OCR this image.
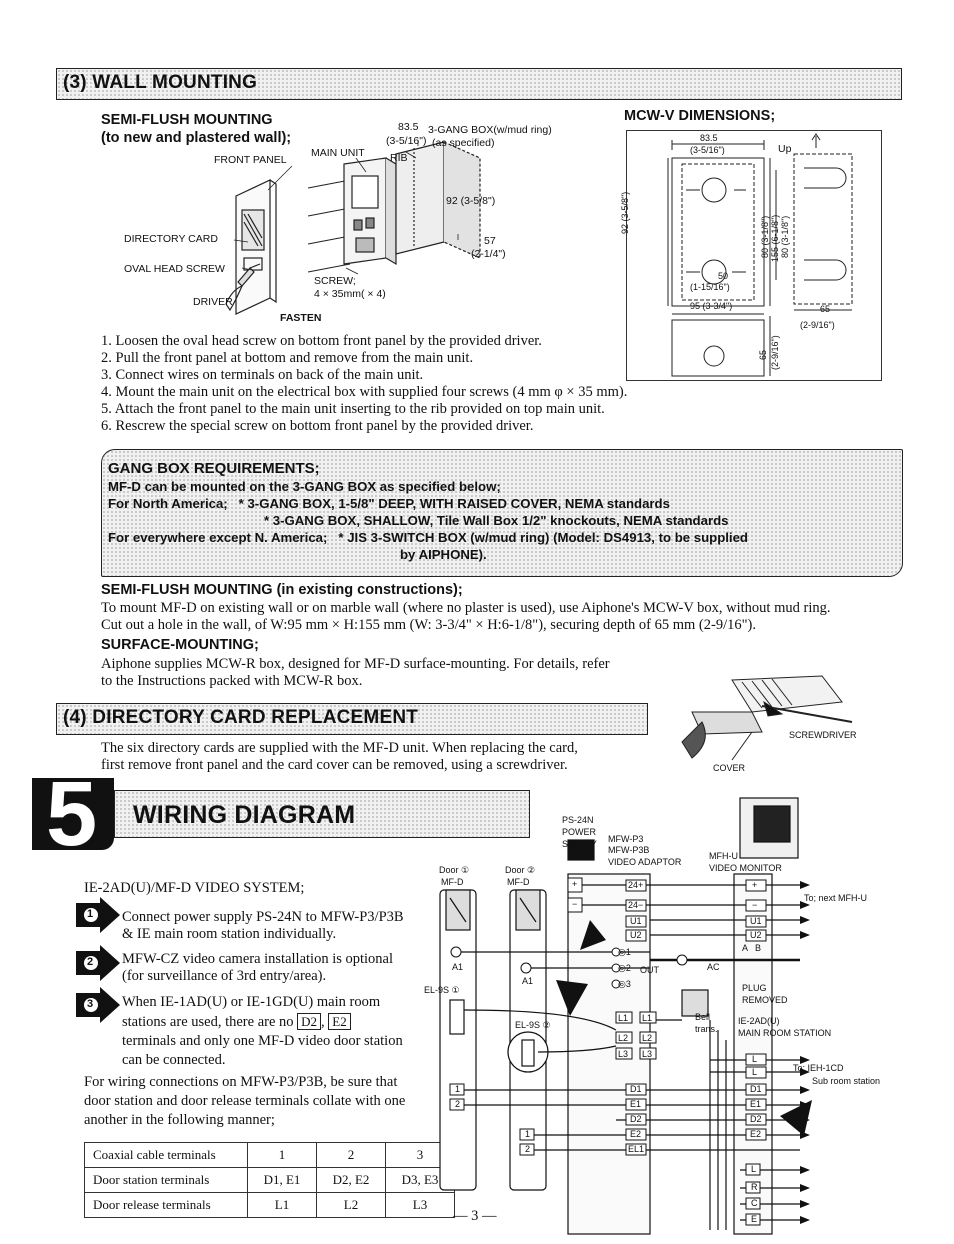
(3) WALL MOUNTING
SEMI-FLUSH MOUNTING
(to new and plastered wall);
FRONT PANEL
MAIN UNIT RIB
83.5
(3-5/16")
3-GANG BOX(w/mud ring)
(as specified)
92 (3-5/8")
57
(2-1/4")
DIRECTORY CARD
OVAL HEAD SCREW
SCREW;
4 × 35mm( × 4)
DRIVER
FASTEN
MCW-V DIMENSIONS;
83.5
(3-5/16")	Up
92 (3-5/8")
80 (3-1/8") 155 (6-1/8") 80 (3-1/8")
50
(1-15/16")
95 (3-3/4")	65
(2-9/16")
65 (2-9/16")
1. Loosen the oval head screw on bottom front panel by the provided driver.
2. Pull the front panel at bottom and remove from the main unit.
3. Connect wires on terminals on back of the main unit.
4. Mount the main unit on the electrical box with supplied four screws (4 mm φ × 35 mm).
5. Attach the front panel to the main unit inserting to the rib provided on top main unit.
6. Rescrew the special screw on bottom front panel by the provided driver.
GANG BOX REQUIREMENTS;
MF-D can be mounted on the 3-GANG BOX as specified below;
For North America;   * 3-GANG BOX, 1-5/8" DEEP, WITH RAISED COVER, NEMA standards
* 3-GANG BOX, SHALLOW, Tile Wall Box 1/2" knockouts, NEMA standards
For everywhere except N. America;   * JIS 3-SWITCH BOX (w/mud ring) (Model: DS4913, to be supplied
by AIPHONE).
SEMI-FLUSH MOUNTING (in existing constructions);
To mount MF-D on existing wall or on marble wall (where no plaster is used), use Aiphone's MCW-V box, without mud ring.
Cut out a hole in the wall, of W:95 mm × H:155 mm (W: 3-3/4" × H:6-1/8"), securing depth of 65 mm (2-9/16").
SURFACE-MOUNTING;
Aiphone supplies MCW-R box, designed for MF-D surface-mounting. For details, refer
to the Instructions packed with MCW-R box.
(4) DIRECTORY CARD REPLACEMENT
The six directory cards are supplied with the MF-D unit. When replacing the card,
first remove front panel and the card cover can be removed, using a screwdriver.
SCREWDRIVER
COVER
5 WIRING DIAGRAM
IE-2AD(U)/MF-D VIDEO SYSTEM;
1
2
3
Connect power supply PS-24N to MFW-P3/P3B
& IE main room station individually.
MFW-CZ video camera installation is optional
(for surveillance of 3rd entry/area).
When IE-1AD(U) or IE-1GD(U) main room
stations are used, there are no D2 , E2
terminals and only one MF-D video door station
can be connected.
For wiring connections on MFW-P3/P3B, be sure that
door station and door release terminals collate with one
another in the following manner;
Coaxial cable terminals	1	2	3
Door station terminals	D1, E1	D2, E2	D3, E3
Door release terminals	L1	L2	L3
PS-24N
POWER
SUPPLY MFW-P3
MFW-P3B
VIDEO ADAPTOR
MFH-U
VIDEO MONITOR
Door ①	Door ②
MF-D	MF-D	+
−
24+
24−
U1
U2
+
−
U1
U2
To; next MFH-U
A1
A1
◎1
◎2
◎3
OUT	AC
A   B
PLUG
REMOVED
EL-9S ①
EL-9S ②
Bell
trans.
IE-2AD(U)
MAIN ROOM STATION
L1 L1
L2 L2
L3 L3
1
2
1
2
D1
E1
D2
E2
EL1
L
L
D1
E1
D2
E2
To; IEH-1CD
Sub room station
L
R
C
E
— 3 —
